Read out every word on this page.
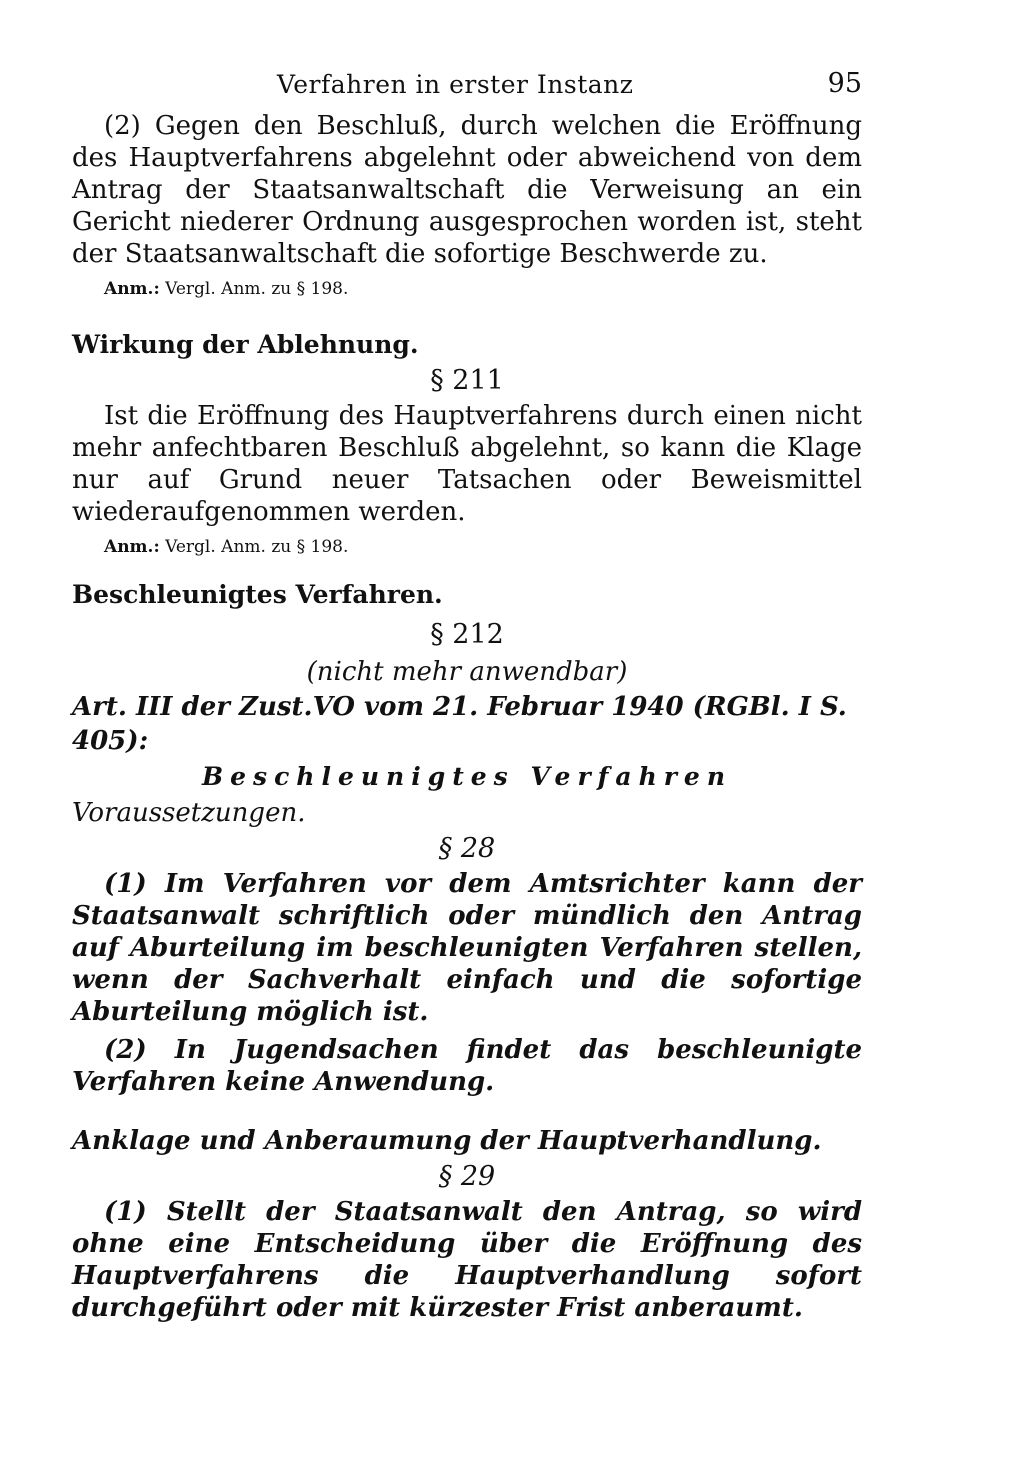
Verfahren in erster Instanz	95

(2) Gegen den Beschluß, durch welchen die Eröffnung des Hauptverfahrens abgelehnt oder abweichend von dem Antrag der Staatsanwaltschaft die Verweisung an ein Gericht niederer Ordnung ausgesprochen worden ist, steht der Staatsanwaltschaft die sofortige Beschwerde zu.

Anm.: Vergl. Anm. zu § 198.

Wirkung der Ablehnung.

§ 211

Ist die Eröffnung des Hauptverfahrens durch einen nicht mehr anfechtbaren Beschluß abgelehnt, so kann die Klage nur auf Grund neuer Tatsachen oder Beweismittel wiederaufgenommen werden.

Anm.: Vergl. Anm. zu § 198.

Beschleunigtes Verfahren.

§ 212

(nicht mehr anwendbar)

Art. III der Zust.VO vom 21. Februar 1940 (RGBl. I S. 405):

Beschleunigtes Verfahren

Voraussetzungen.

§ 28

(1) Im Verfahren vor dem Amtsrichter kann der Staatsanwalt schriftlich oder mündlich den Antrag auf Aburteilung im beschleunigten Verfahren stellen, wenn der Sachverhalt einfach und die sofortige Aburteilung möglich ist.

(2) In Jugendsachen findet das beschleunigte Verfahren keine Anwendung.

Anklage und Anberaumung der Hauptverhandlung.

§ 29

(1) Stellt der Staatsanwalt den Antrag, so wird ohne eine Entscheidung über die Eröffnung des Hauptverfahrens die Hauptverhandlung sofort durchgeführt oder mit kürzester Frist anberaumt.
